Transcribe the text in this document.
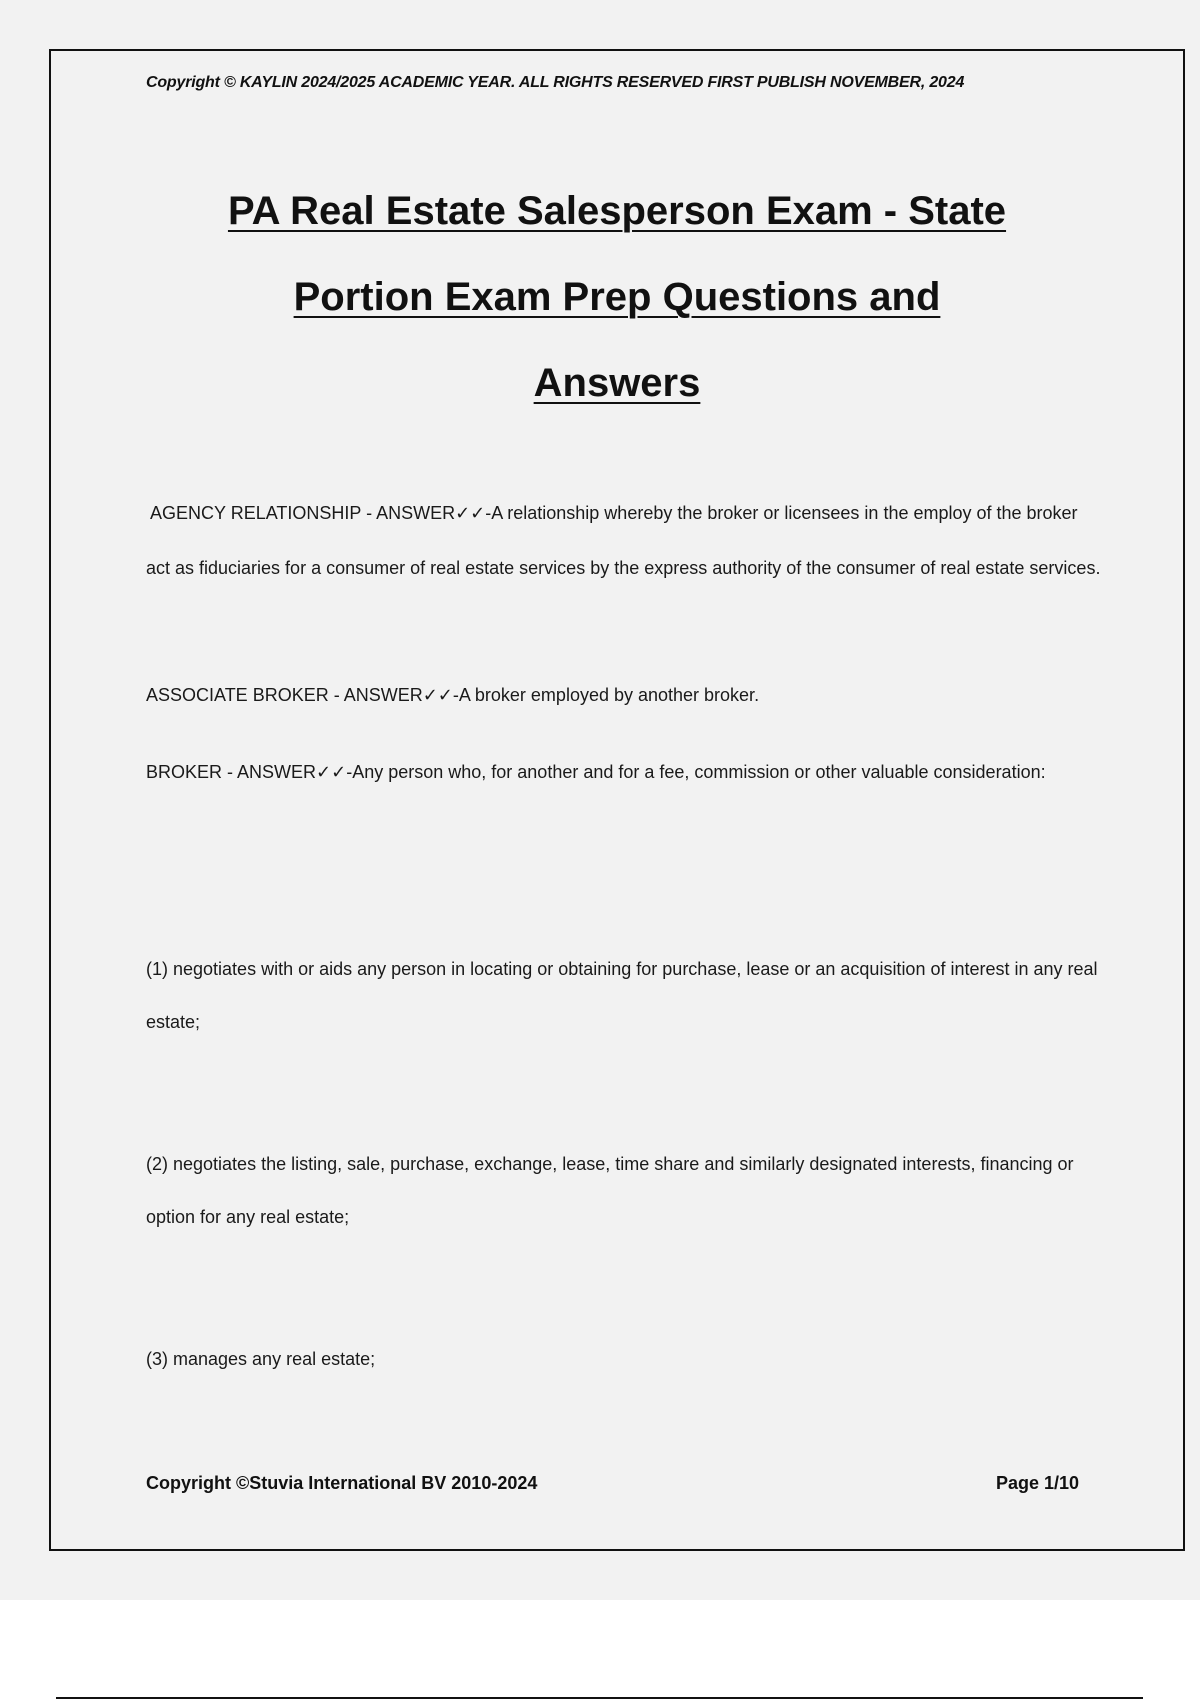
Copyright © KAYLIN 2024/2025 ACADEMIC YEAR. ALL RIGHTS RESERVED FIRST PUBLISH NOVEMBER, 2024
PA Real Estate Salesperson Exam - State
Portion Exam Prep Questions and
Answers

AGENCY RELATIONSHIP - ANSWER✓✓-A relationship whereby the broker or licensees in the employ of the broker act as fiduciaries for a consumer of real estate services by the express authority of the consumer of real estate services.

ASSOCIATE BROKER - ANSWER✓✓-A broker employed by another broker.

BROKER - ANSWER✓✓-Any person who, for another and for a fee, commission or other valuable consideration:

(1) negotiates with or aids any person in locating or obtaining for purchase, lease or an acquisition of interest in any real estate;

(2) negotiates the listing, sale, purchase, exchange, lease, time share and similarly designated interests, financing or option for any real estate;

(3) manages any real estate;

Copyright ©Stuvia International BV 2010-2024	Page 1/10
